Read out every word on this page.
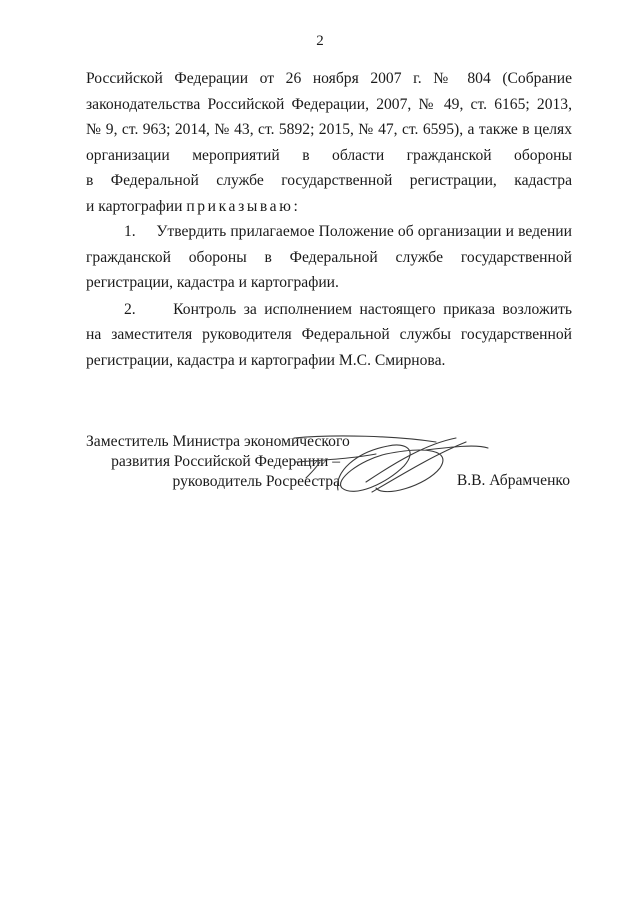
2
Российской Федерации от 26 ноября 2007 г. № 804 (Собрание
законодательства Российской Федерации, 2007, № 49, ст. 6165; 2013,
№ 9, ст. 963; 2014, № 43, ст. 5892; 2015, № 47, ст. 6595), а также в целях
организации мероприятий в области гражданской обороны
в Федеральной службе государственной регистрации, кадастра
и картографии приказываю:
1.     Утвердить прилагаемое Положение об организации и ведении
гражданской обороны в Федеральной службе государственной
регистрации, кадастра и картографии.
2.     Контроль за исполнением настоящего приказа возложить
на заместителя руководителя Федеральной службы государственной
регистрации, кадастра и картографии М.С. Смирнова.
Заместитель Министра экономического
развития Российской Федерации –
руководитель Росреестра	В.В. Абрамченко
